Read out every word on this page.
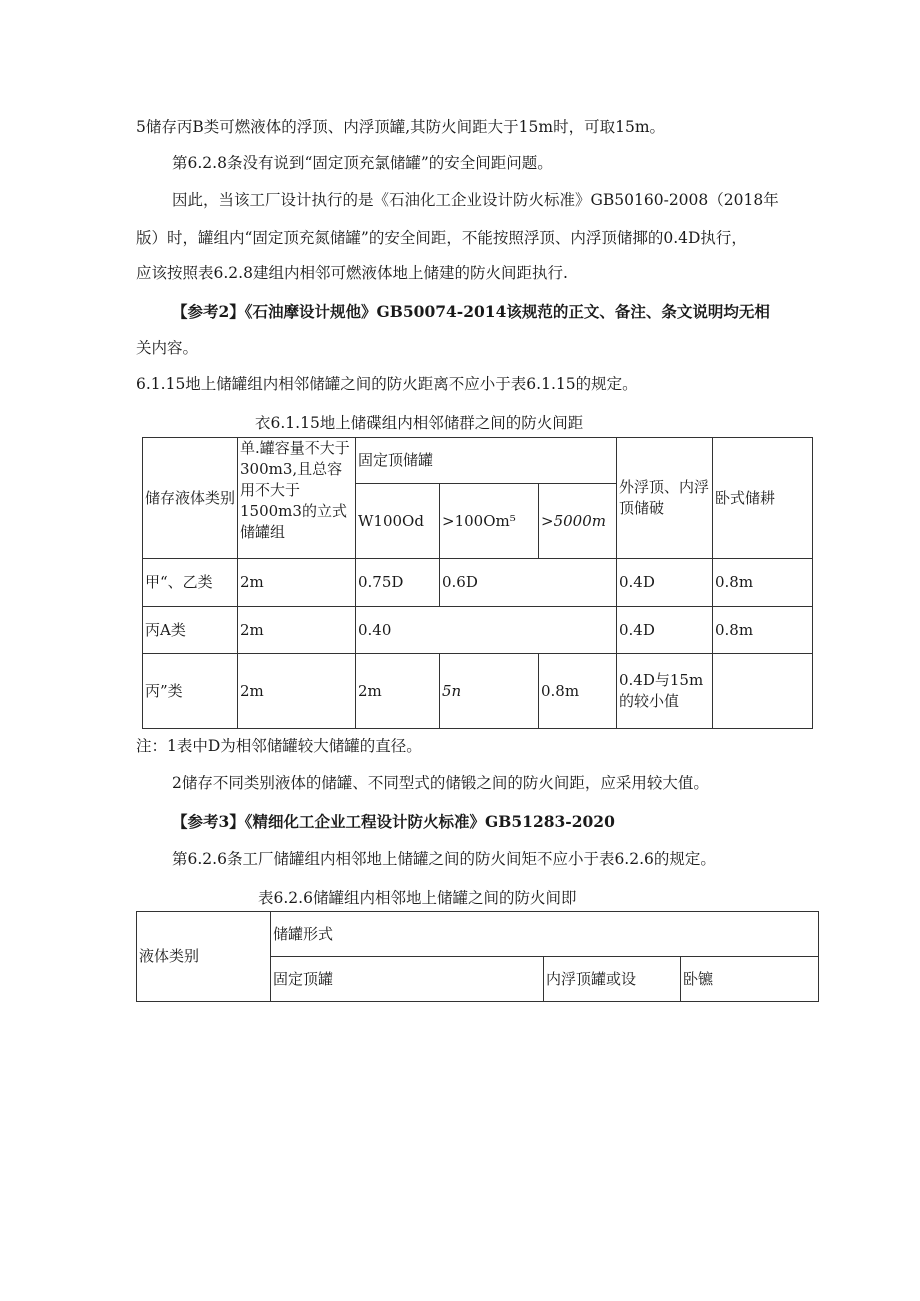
5储存丙B类可燃液体的浮顶、内浮顶罐,其防火间距大于15m时，可取15m。
第6.2.8条没有说到“固定顶充氯储罐”的安全间距问题。
因此，当该工厂设计执行的是《石油化工企业设计防火标准》GB50160-2008（2018年
版）时，罐组内“固定顶充氮储罐”的安全间距，不能按照浮顶、内浮顶储揶的0.4D执行，
应该按照表6.2.8建组内相邻可燃液体地上储建的防火间距执行.
【参考2】《石油摩设计规他》GB50074-2014该规范的正文、备注、条文说明均无相
关内容。
6.1.15地上储罐组内相邻储罐之间的防火距离不应小于表6.1.15的规定。
衣6.1.15地上储碟组内相邻储群之间的防火间距
储存液体类别	单.罐容量不大于300m3,且总容用不大于1500m3的立式储罐组	固定顶储罐			外浮顶、内浮顶储破	卧式储耕
		W100Od	>100Om⁵	>5000m		
甲“、乙类	2m	0.75D	0.6D		0.4D	0.8m
丙A类	2m	0.40			0.4D	0.8m
丙”类	2m	2m	5n	0.8m	0.4D与15m的较小值	
注：1表中D为相邻储罐较大储罐的直径。
2储存不同类别液体的储罐、不同型式的储锻之间的防火间距，应采用较大值。
【参考3】《精细化工企业工程设计防火标准》GB51283-2020
第6.2.6条工厂储罐组内相邻地上储罐之间的防火间矩不应小于表6.2.6的规定。
表6.2.6储罐组内相邻地上储罐之间的防火间即
液体类别	储罐形式		
	固定顶罐	内浮顶罐或设	卧镳
